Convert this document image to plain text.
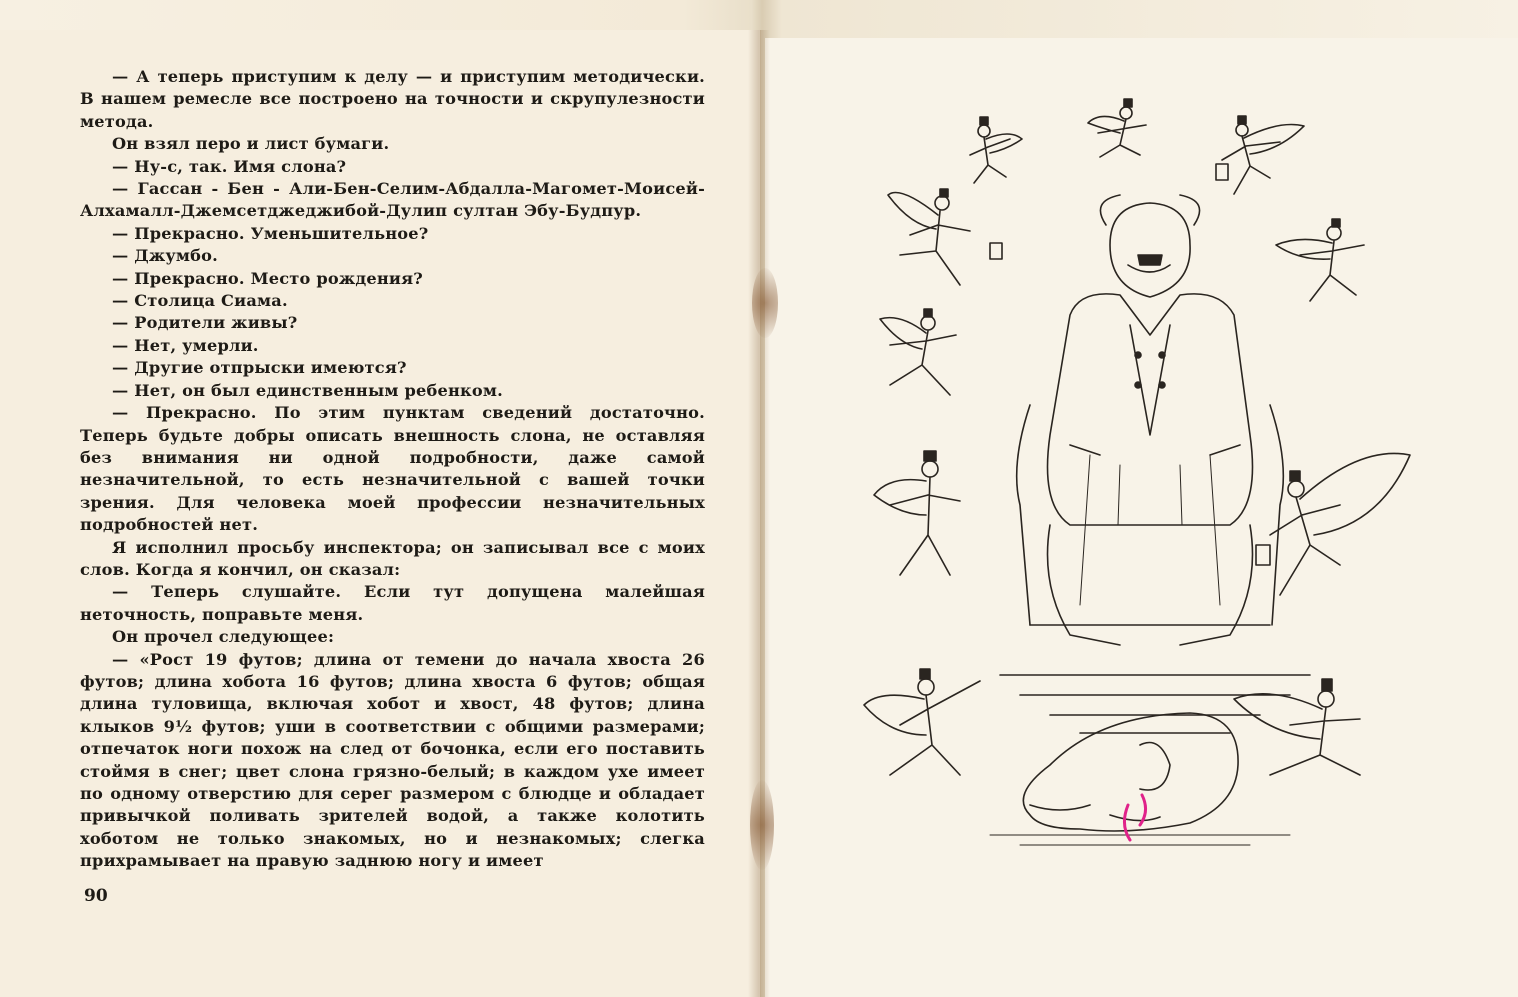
— А теперь приступим к делу — и приступим методически. В нашем ремесле все построено на точности и скрупулезности метода.

Он взял перо и лист бумаги.

— Ну-с, так. Имя слона?

— Гассан - Бен - Али-Бен-Селим-Абдалла-Магомет-Моисей-Алхамалл-Джемсетджеджибой-Дулип султан Эбу-Будпур.

— Прекрасно. Уменьшительное?

— Джумбо.

— Прекрасно. Место рождения?

— Столица Сиама.

— Родители живы?

— Нет, умерли.

— Другие отпрыски имеются?

— Нет, он был единственным ребенком.

— Прекрасно. По этим пунктам сведений достаточно. Теперь будьте добры описать внешность слона, не оставляя без внимания ни одной подробности, даже самой незначительной, то есть незначительной с вашей точки зрения. Для человека моей профессии незначительных подробностей нет.

Я исполнил просьбу инспектора; он записывал все с моих слов. Когда я кончил, он сказал:

— Теперь слушайте. Если тут допущена малейшая неточность, поправьте меня.

Он прочел следующее:

— «Рост 19 футов; длина от темени до начала хвоста 26 футов; длина хобота 16 футов; длина хвоста 6 футов; общая длина туловища, включая хобот и хвост, 48 футов; длина клыков 9½ футов; уши в соответствии с общими размерами; отпечаток ноги похож на след от бочонка, если его поставить стоймя в снег; цвет слона грязно-белый; в каждом ухе имеет по одному отверстию для серег размером с блюдце и обладает привычкой поливать зрителей водой, а также колотить хоботом не только знакомых, но и незнакомых; слегка прихрамывает на правую заднюю ногу и имеет

90
